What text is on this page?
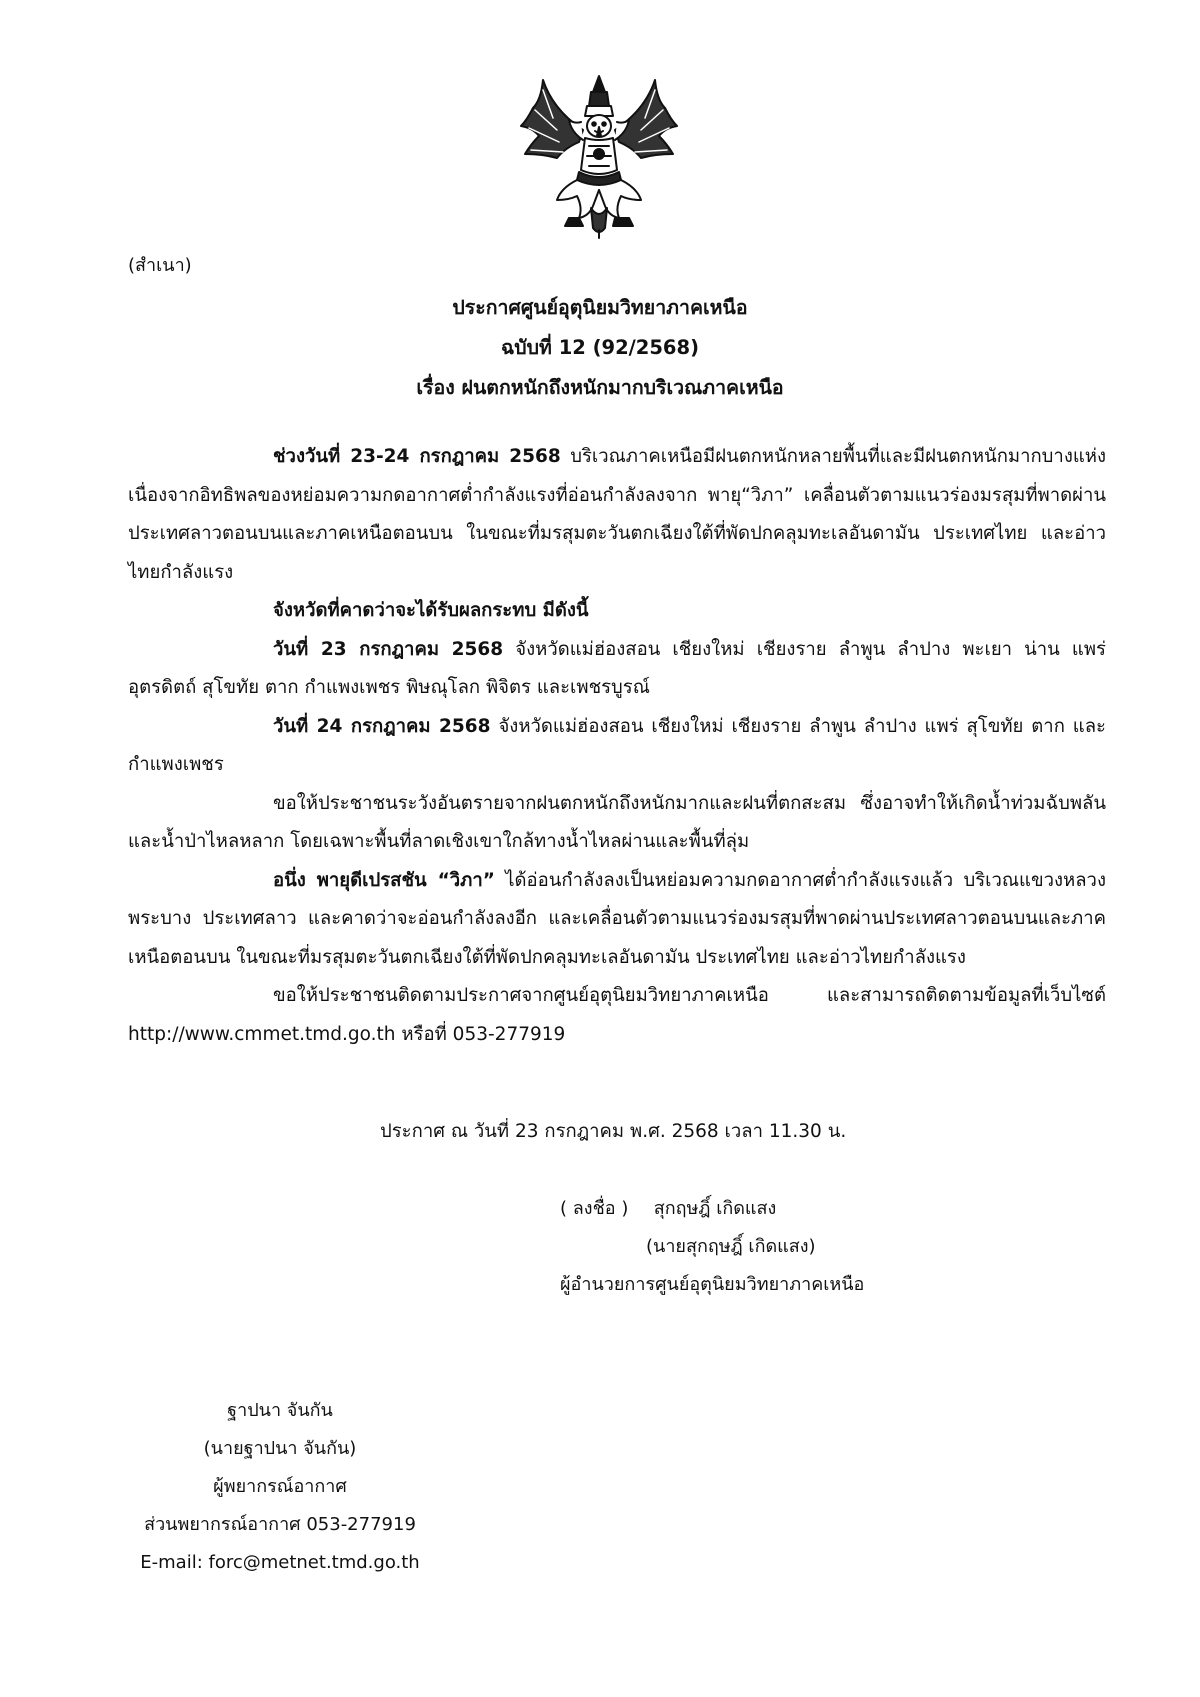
(สำเนา)
ประกาศศูนย์อุตุนิยมวิทยาภาคเหนือ
ฉบับที่ 12 (92/2568)
เรื่อง ฝนตกหนักถึงหนักมากบริเวณภาคเหนือ

ช่วงวันที่ 23-24 กรกฎาคม 2568 บริเวณภาคเหนือมีฝนตกหนักหลายพื้นที่และมีฝนตกหนักมากบางแห่ง เนื่องจากอิทธิพลของหย่อมความกดอากาศต่ำกำลังแรงที่อ่อนกำลังลงจาก พายุ“วิภา” เคลื่อนตัวตามแนวร่องมรสุมที่พาดผ่านประเทศลาวตอนบนและภาคเหนือตอนบน ในขณะที่มรสุมตะวันตกเฉียงใต้ที่พัดปกคลุมทะเลอันดามัน ประเทศไทย และอ่าวไทยกำลังแรง

จังหวัดที่คาดว่าจะได้รับผลกระทบ มีดังนี้

วันที่ 23 กรกฎาคม 2568 จังหวัดแม่ฮ่องสอน เชียงใหม่ เชียงราย ลำพูน ลำปาง พะเยา น่าน แพร่ อุตรดิตถ์ สุโขทัย ตาก กำแพงเพชร พิษณุโลก พิจิตร และเพชรบูรณ์

วันที่ 24 กรกฎาคม 2568 จังหวัดแม่ฮ่องสอน เชียงใหม่ เชียงราย ลำพูน ลำปาง แพร่ สุโขทัย ตาก และกำแพงเพชร

ขอให้ประชาชนระวังอันตรายจากฝนตกหนักถึงหนักมากและฝนที่ตกสะสม ซึ่งอาจทำให้เกิดน้ำท่วมฉับพลันและน้ำป่าไหลหลาก โดยเฉพาะพื้นที่ลาดเชิงเขาใกล้ทางน้ำไหลผ่านและพื้นที่ลุ่ม

อนึ่ง พายุดีเปรสชัน “วิภา” ได้อ่อนกำลังลงเป็นหย่อมความกดอากาศต่ำกำลังแรงแล้ว บริเวณแขวงหลวงพระบาง ประเทศลาว และคาดว่าจะอ่อนกำลังลงอีก และเคลื่อนตัวตามแนวร่องมรสุมที่พาดผ่านประเทศลาวตอนบนและภาคเหนือตอนบน ในขณะที่มรสุมตะวันตกเฉียงใต้ที่พัดปกคลุมทะเลอันดามัน ประเทศไทย และอ่าวไทยกำลังแรง

ขอให้ประชาชนติดตามประกาศจากศูนย์อุตุนิยมวิทยาภาคเหนือ และสามารถติดตามข้อมูลที่เว็บไซต์ http://www.cmmet.tmd.go.th หรือที่ 053-277919

ประกาศ ณ วันที่ 23 กรกฎาคม พ.ศ. 2568 เวลา 11.30 น.
( ลงชื่อ ) สุกฤษฎิ์ เกิดแสง
(นายสุกฤษฎิ์ เกิดแสง)
ผู้อำนวยการศูนย์อุตุนิยมวิทยาภาคเหนือ
ฐาปนา จันกัน
(นายฐาปนา จันกัน)
ผู้พยากรณ์อากาศ
ส่วนพยากรณ์อากาศ 053-277919
E-mail: forc@metnet.tmd.go.th
